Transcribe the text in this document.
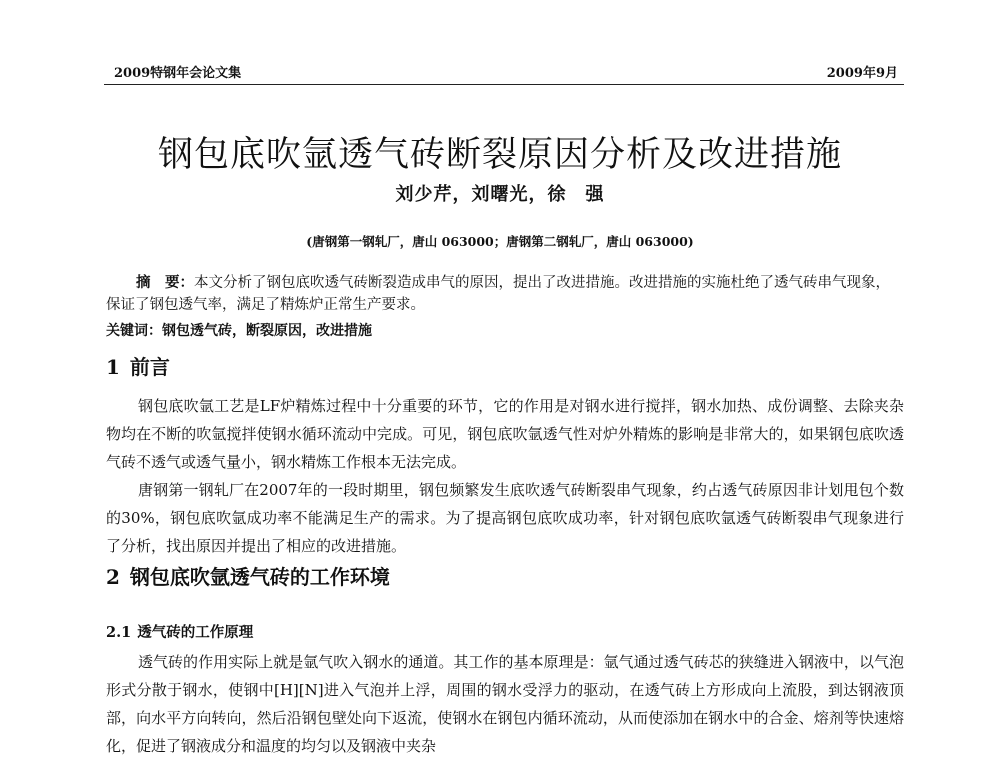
2009特钢年会论文集	2009年9月
钢包底吹氩透气砖断裂原因分析及改进措施
刘少芹，刘曙光，徐　强
(唐钢第一钢轧厂，唐山 063000；唐钢第二钢轧厂，唐山 063000)
摘　要：本文分析了钢包底吹透气砖断裂造成串气的原因，提出了改进措施。改进措施的实施杜绝了透气砖串气现象，保证了钢包透气率，满足了精炼炉正常生产要求。
关键词：钢包透气砖，断裂原因，改进措施
1 前言
钢包底吹氩工艺是LF炉精炼过程中十分重要的环节，它的作用是对钢水进行搅拌，钢水加热、成份调整、去除夹杂物均在不断的吹氩搅拌使钢水循环流动中完成。可见，钢包底吹氩透气性对炉外精炼的影响是非常大的，如果钢包底吹透气砖不透气或透气量小，钢水精炼工作根本无法完成。
唐钢第一钢轧厂在2007年的一段时期里，钢包频繁发生底吹透气砖断裂串气现象，约占透气砖原因非计划甩包个数的30%，钢包底吹氩成功率不能满足生产的需求。为了提高钢包底吹成功率，针对钢包底吹氩透气砖断裂串气现象进行了分析，找出原因并提出了相应的改进措施。
2 钢包底吹氩透气砖的工作环境
2.1 透气砖的工作原理
透气砖的作用实际上就是氩气吹入钢水的通道。其工作的基本原理是：氩气通过透气砖芯的狭缝进入钢液中，以气泡形式分散于钢水，使钢中[H][N]进入气泡并上浮，周围的钢水受浮力的驱动，在透气砖上方形成向上流股，到达钢液顶部，向水平方向转向，然后沿钢包壁处向下返流，使钢水在钢包内循环流动，从而使添加在钢水中的合金、熔剂等快速熔化，促进了钢液成分和温度的均匀以及钢液中夹杂
